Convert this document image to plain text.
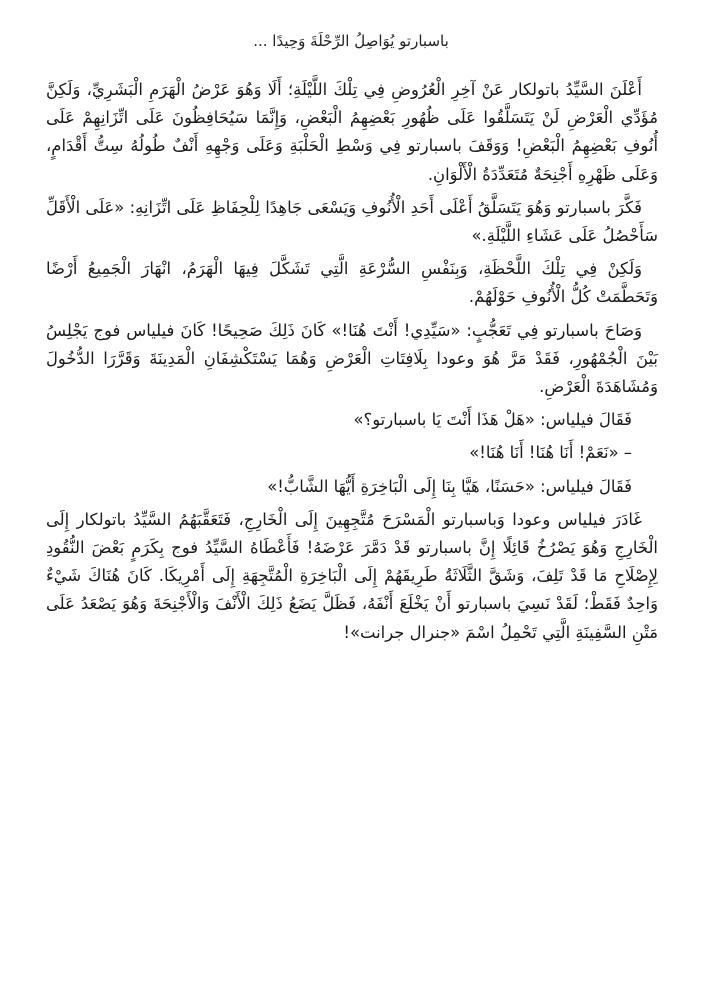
باسبارتو يُوَاصِلُ الرِّحْلَةَ وَحِيدًا ...

أَعْلَنَ السَّيِّدُ باتولكار عَنْ آخِرِ الْعُرُوضِ فِي تِلْكَ اللَّيْلَةِ؛ أَلَا وَهُوَ عَرْضُ الْهَرَمِ الْبَشَرِيِّ، وَلَكِنَّ مُؤَدِّي الْعَرْضِ لَنْ يَتَسَلَّقُوا عَلَى ظُهُورِ بَعْضِهِمُ الْبَعْضِ، وَإِنَّمَا سَيُحَافِظُونَ عَلَى اتِّزَانِهِمْ عَلَى أُنُوفِ بَعْضِهِمُ الْبَعْضِ! وَوَقَفَ باسبارتو فِي وَسْطِ الْحَلْبَةِ وَعَلَى وَجْهِهِ أَنْفٌ طُولُهُ سِتُّ أَقْدَامٍ، وَعَلَى ظَهْرِهِ أَجْنِحَةٌ مُتَعَدِّدَةُ الْأَلْوَانِ.

فَكَّرَ باسبارتو وَهُوَ يَتَسَلَّقُ أَعْلَى أَحَدِ الْأُنُوفِ وَيَسْعَى جَاهِدًا لِلْحِفَاظِ عَلَى اتِّزَانِهِ: «عَلَى الْأَقَلِّ سَأَحْصُلُ عَلَى عَشَاءِ اللَّيْلَةِ.»

وَلَكِنْ فِي تِلْكَ اللَّحْظَةِ، وَبِنَفْسِ السُّرْعَةِ الَّتِي تَشَكَّلَ فِيهَا الْهَرَمُ، انْهَارَ الْجَمِيعُ أَرْضًا وَتَحَطَّمَتْ كُلُّ الْأُنُوفِ حَوْلَهُمْ.

وَصَاحَ باسبارتو فِي تَعَجُّبٍ: «سَيِّدِي! أَنْتَ هُنَا!» كَانَ ذَلِكَ صَحِيحًا! كَانَ فيلياس فوج يَجْلِسُ بَيْنَ الْجُمْهُورِ، فَقَدْ مَرَّ هُوَ وعودا بِلَافِتَاتِ الْعَرْضِ وَهُمَا يَسْتَكْشِفَانِ الْمَدِينَةَ وَقَرَّرَا الدُّخُولَ وَمُشَاهَدَةَ الْعَرْضِ.

فَقَالَ فيلياس: «هَلْ هَذَا أَنْتَ يَا باسبارتو؟»

– «نَعَمْ! أَنَا هُنَا! أَنَا هُنَا!»

فَقَالَ فيلياس: «حَسَنًا، هَيَّا بِنَا إِلَى الْبَاخِرَةِ أَيُّهَا الشَّابُّ!»

غَادَرَ فيلياس وعودا وَباسبارتو الْمَسْرَحَ مُتَّجِهِينَ إِلَى الْخَارِجِ، فَتَعَقَّبَهُمُ السَّيِّدُ باتولكار إِلَى الْخَارِجِ وَهُوَ يَصْرُخُ قَائِلًا إِنَّ باسبارتو قَدْ دَمَّرَ عَرْضَهُ! فَأَعْطَاهُ السَّيِّدُ فوج بِكَرَمٍ بَعْضَ النُّقُودِ لِإِصْلَاحِ مَا قَدْ تَلِفَ، وَشَقَّ الثَّلَاثَةُ طَرِيقَهُمْ إِلَى الْبَاخِرَةِ الْمُتَّجِهَةِ إِلَى أَمْرِيكَا. كَانَ هُنَاكَ شَيْءٌ وَاحِدٌ فَقَطْ؛ لَقَدْ نَسِيَ باسبارتو أَنْ يَخْلَعَ أَنْفَهُ، فَظَلَّ يَضَعُ ذَلِكَ الْأَنْفَ وَالْأَجْنِحَةَ وَهُوَ يَصْعَدُ عَلَى مَتْنِ السَّفِينَةِ الَّتِي تَحْمِلُ اسْمَ «جنرال جرانت»!
